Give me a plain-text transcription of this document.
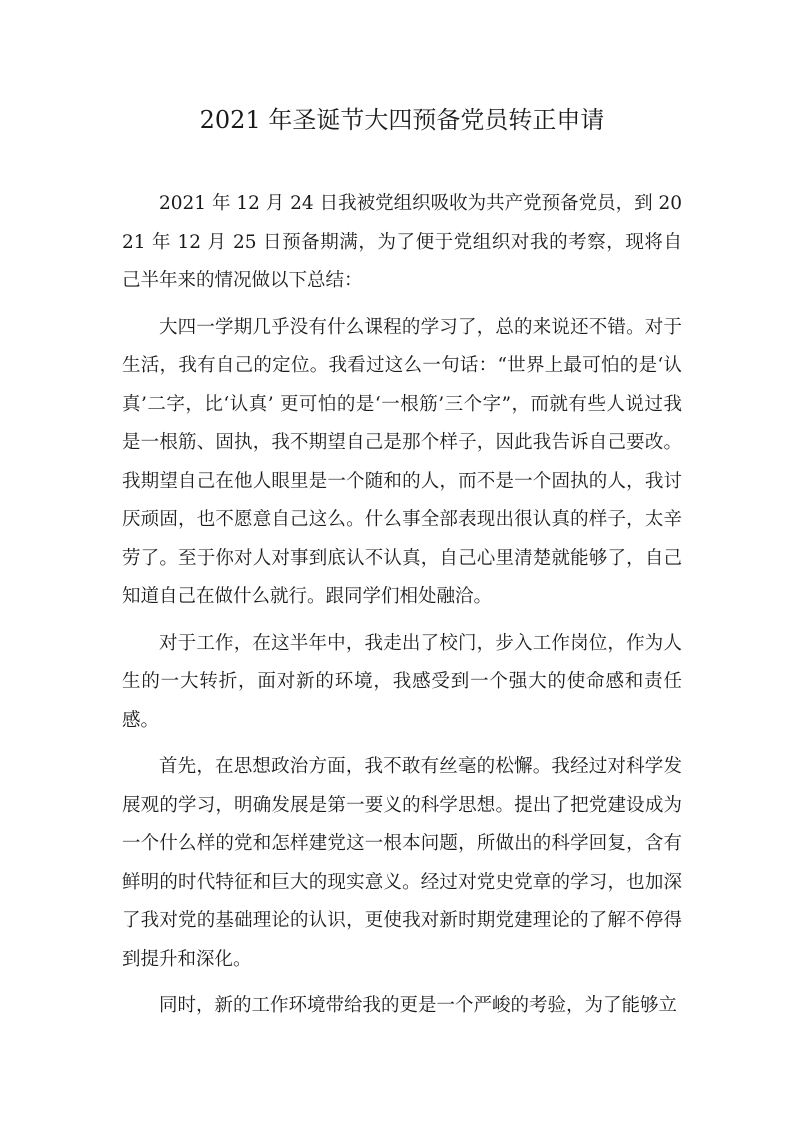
2021 年圣诞节大四预备党员转正申请

2021 年 12 月 24 日我被党组织吸收为共产党预备党员，到 2021 年 12 月 25 日预备期满，为了便于党组织对我的考察，现将自己半年来的情况做以下总结：

大四一学期几乎没有什么课程的学习了，总的来说还不错。对于生活，我有自己的定位。我看过这么一句话：“世界上最可怕的是‘认真’二字，比‘认真’ 更可怕的是‘一根筋’三个字”，而就有些人说过我是一根筋、固执，我不期望自己是那个样子，因此我告诉自己要改。我期望自己在他人眼里是一个随和的人，而不是一个固执的人，我讨厌顽固，也不愿意自己这么。什么事全部表现出很认真的样子，太辛劳了。至于你对人对事到底认不认真，自己心里清楚就能够了，自己知道自己在做什么就行。跟同学们相处融洽。

对于工作，在这半年中，我走出了校门，步入工作岗位，作为人生的一大转折，面对新的环境，我感受到一个强大的使命感和责任感。

首先，在思想政治方面，我不敢有丝毫的松懈。我经过对科学发展观的学习，明确发展是第一要义的科学思想。提出了把党建设成为一个什么样的党和怎样建党这一根本问题，所做出的科学回复，含有鲜明的时代特征和巨大的现实意义。经过对党史党章的学习，也加深了我对党的基础理论的认识，更使我对新时期党建理论的了解不停得到提升和深化。

同时，新的工作环境带给我的更是一个严峻的考验，为了能够立
